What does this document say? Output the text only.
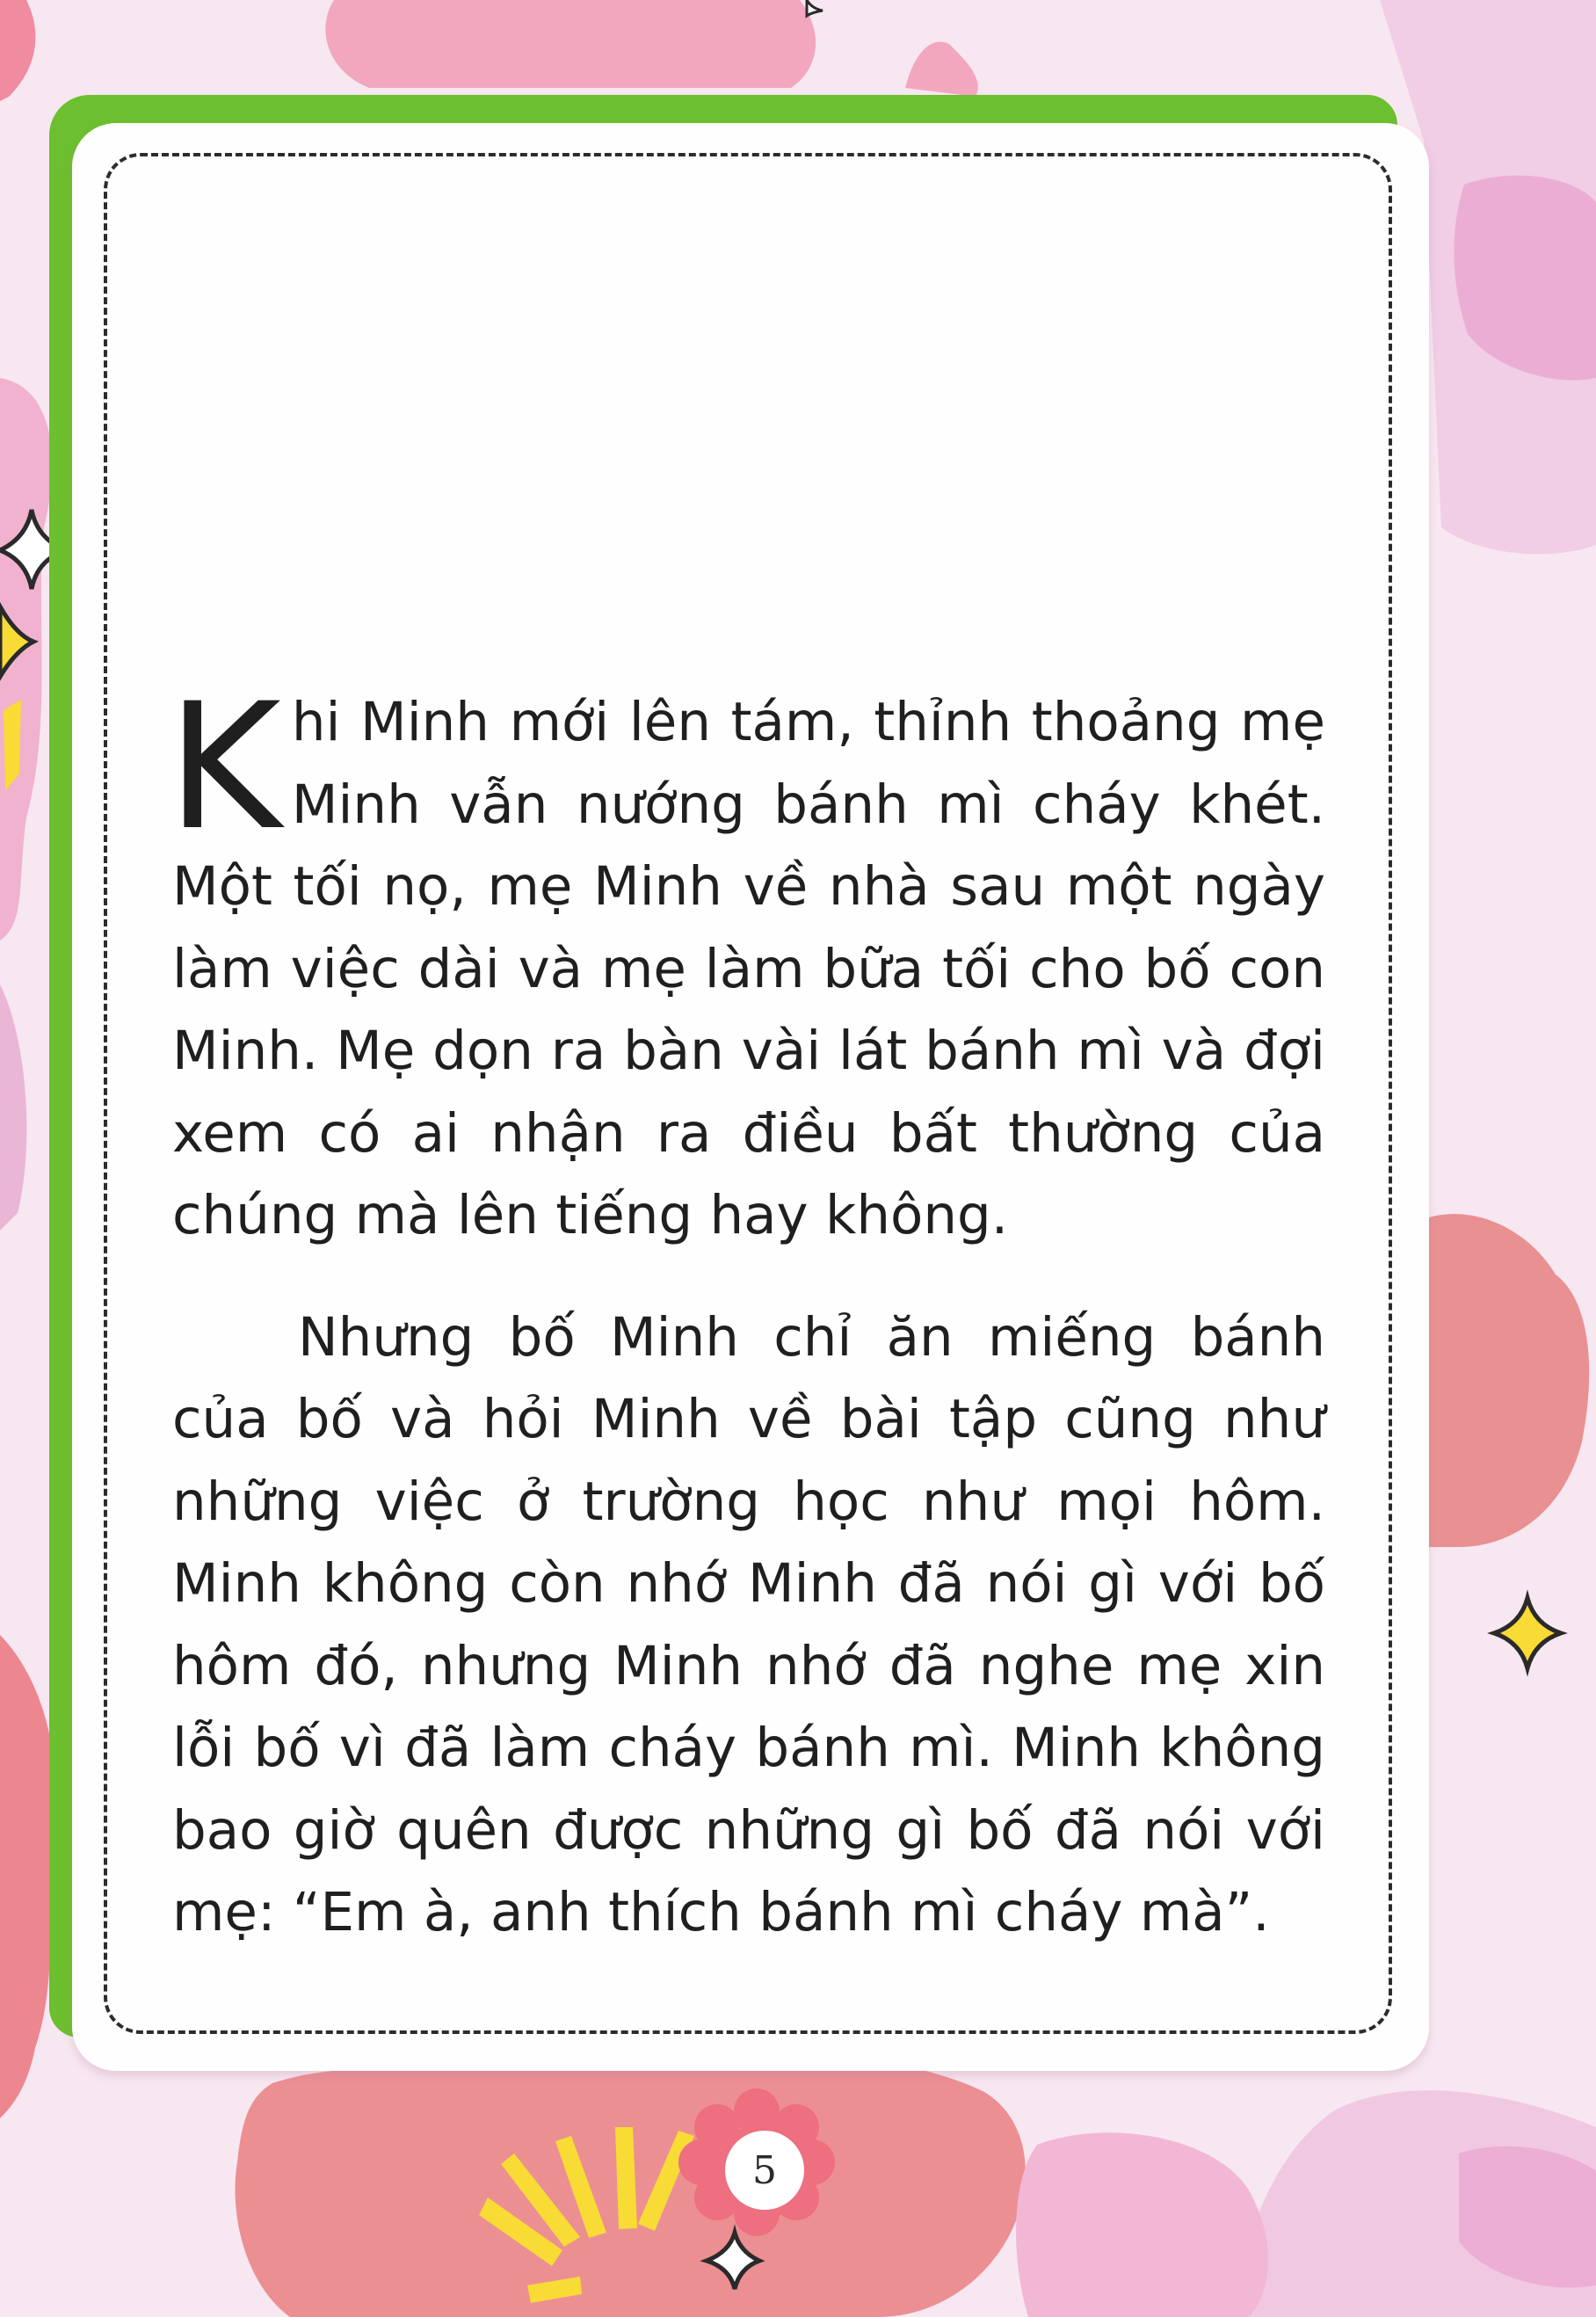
Khi Minh mới lên tám, thỉnh thoảng mẹ Minh vẫn nướng bánh mì cháy khét. Một tối nọ, mẹ Minh về nhà sau một ngày làm việc dài và mẹ làm bữa tối cho bố con Minh. Mẹ dọn ra bàn vài lát bánh mì và đợi xem có ai nhận ra điều bất thường của chúng mà lên tiếng hay không.

Nhưng bố Minh chỉ ăn miếng bánh của bố và hỏi Minh về bài tập cũng như những việc ở trường học như mọi hôm. Minh không còn nhớ Minh đã nói gì với bố hôm đó, nhưng Minh nhớ đã nghe mẹ xin lỗi bố vì đã làm cháy bánh mì. Minh không bao giờ quên được những gì bố đã nói với mẹ: “Em à, anh thích bánh mì cháy mà”.

5
